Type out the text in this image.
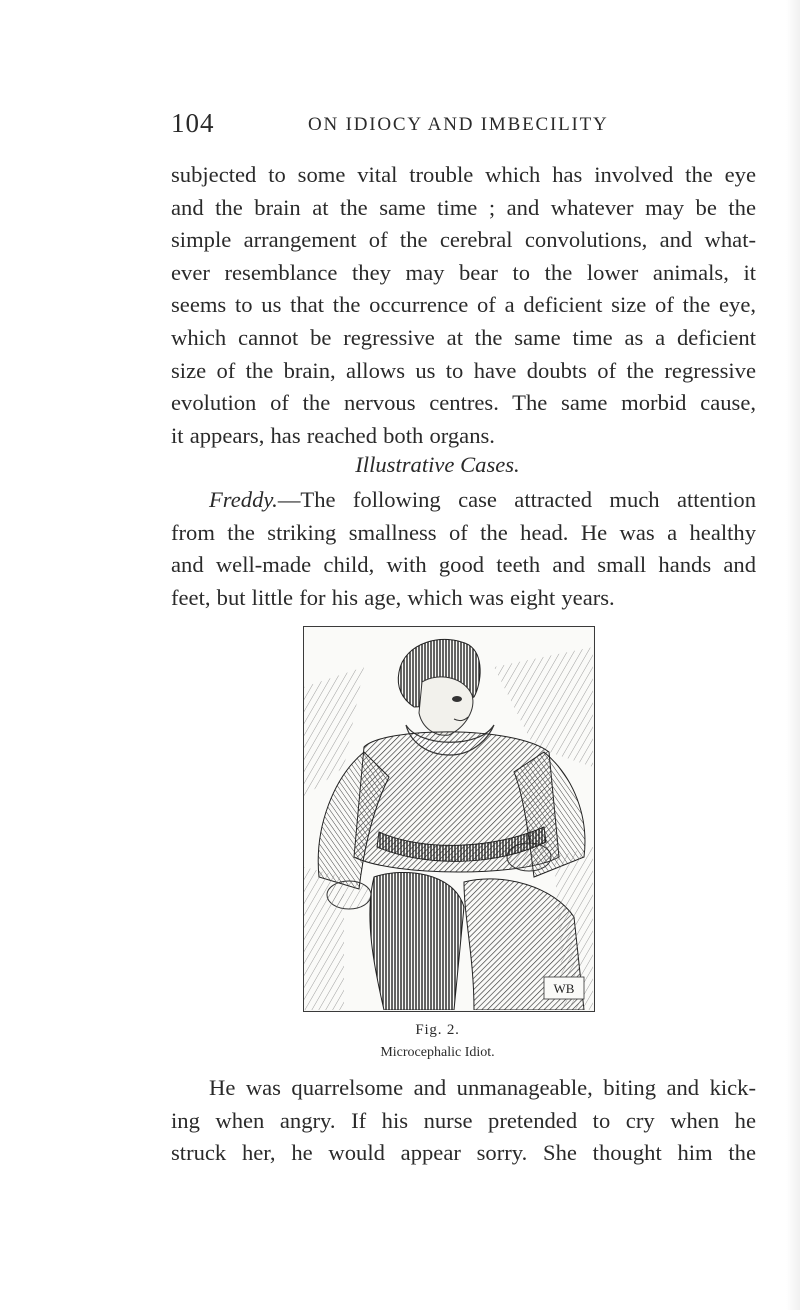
104	ON IDIOCY AND IMBECILITY
subjected to some vital trouble which has involved the eye
and the brain at the same time ; and whatever may be the
simple arrangement of the cerebral convolutions, and what-
ever resemblance they may bear to the lower animals, it
seems to us that the occurrence of a deficient size of the eye,
which cannot be regressive at the same time as a deficient
size of the brain, allows us to have doubts of the regressive
evolution of the nervous centres. The same morbid cause,
it appears, has reached both organs.
Illustrative Cases.
Freddy.—The following case attracted much attention
from the striking smallness of the head. He was a healthy
and well-made child, with good teeth and small hands and
feet, but little for his age, which was eight years.
WB
Fig. 2.
Microcephalic Idiot.
He was quarrelsome and unmanageable, biting and kick-
ing when angry. If his nurse pretended to cry when he
struck her, he would appear sorry. She thought him the
